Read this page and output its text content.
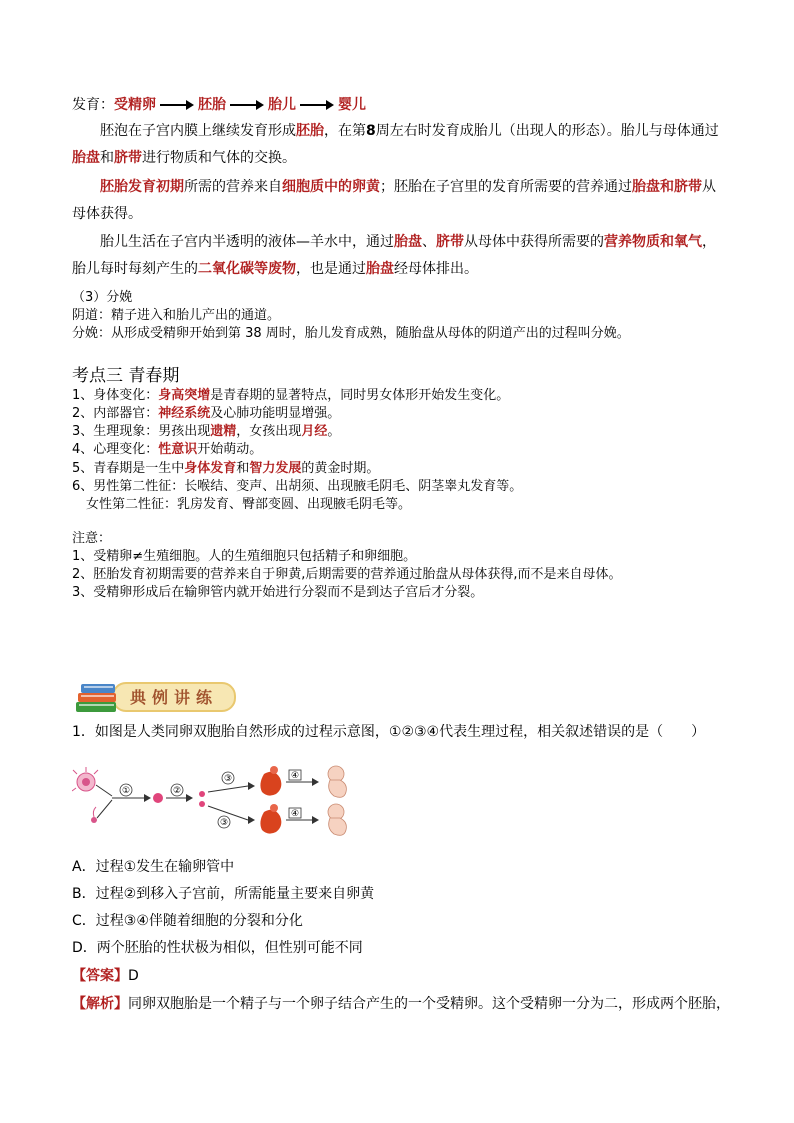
发育：受精卵	胚胎	胎儿	婴儿
胚泡在子宫内膜上继续发育形成胚胎，在第8周左右时发育成胎儿（出现人的形态）。胎儿与母体通过胎盘和脐带进行物质和气体的交换。
胚胎发育初期所需的营养来自细胞质中的卵黄；胚胎在子宫里的发育所需要的营养通过胎盘和脐带从母体获得。
胎儿生活在子宫内半透明的液体—羊水中，通过胎盘、脐带从母体中获得所需要的营养物质和氧气，胎儿每时每刻产生的二氧化碳等废物，也是通过胎盘经母体排出。
（3）分娩
阴道：精子进入和胎儿产出的通道。
分娩：从形成受精卵开始到第 38 周时，胎儿发育成熟，随胎盘从母体的阴道产出的过程叫分娩。
考点三 青春期
1、身体变化：身高突增是青春期的显著特点，同时男女体形开始发生变化。
2、内部器官：神经系统及心肺功能明显增强。
3、生理现象：男孩出现遗精，女孩出现月经。
4、心理变化：性意识开始萌动。
5、青春期是一生中身体发育和智力发展的黄金时期。
6、男性第二性征：长喉结、变声、出胡须、出现腋毛阴毛、阴茎睾丸发育等。
女性第二性征：乳房发育、臀部变圆、出现腋毛阴毛等。
注意：
1、受精卵≠生殖细胞。人的生殖细胞只包括精子和卵细胞。
2、胚胎发育初期需要的营养来自于卵黄,后期需要的营养通过胎盘从母体获得,而不是来自母体。
3、受精卵形成后在输卵管内就开始进行分裂而不是到达子宫后才分裂。
典例讲练
1．如图是人类同卵双胞胎自然形成的过程示意图，①②③④代表生理过程，相关叙述错误的是（　　）
①	②
③
③
④
④
A．过程①发生在输卵管中
B．过程②到移入子宫前，所需能量主要来自卵黄
C．过程③④伴随着细胞的分裂和分化
D．两个胚胎的性状极为相似，但性别可能不同
【答案】D
【解析】同卵双胞胎是一个精子与一个卵子结合产生的一个受精卵。这个受精卵一分为二，形成两个胚胎，
